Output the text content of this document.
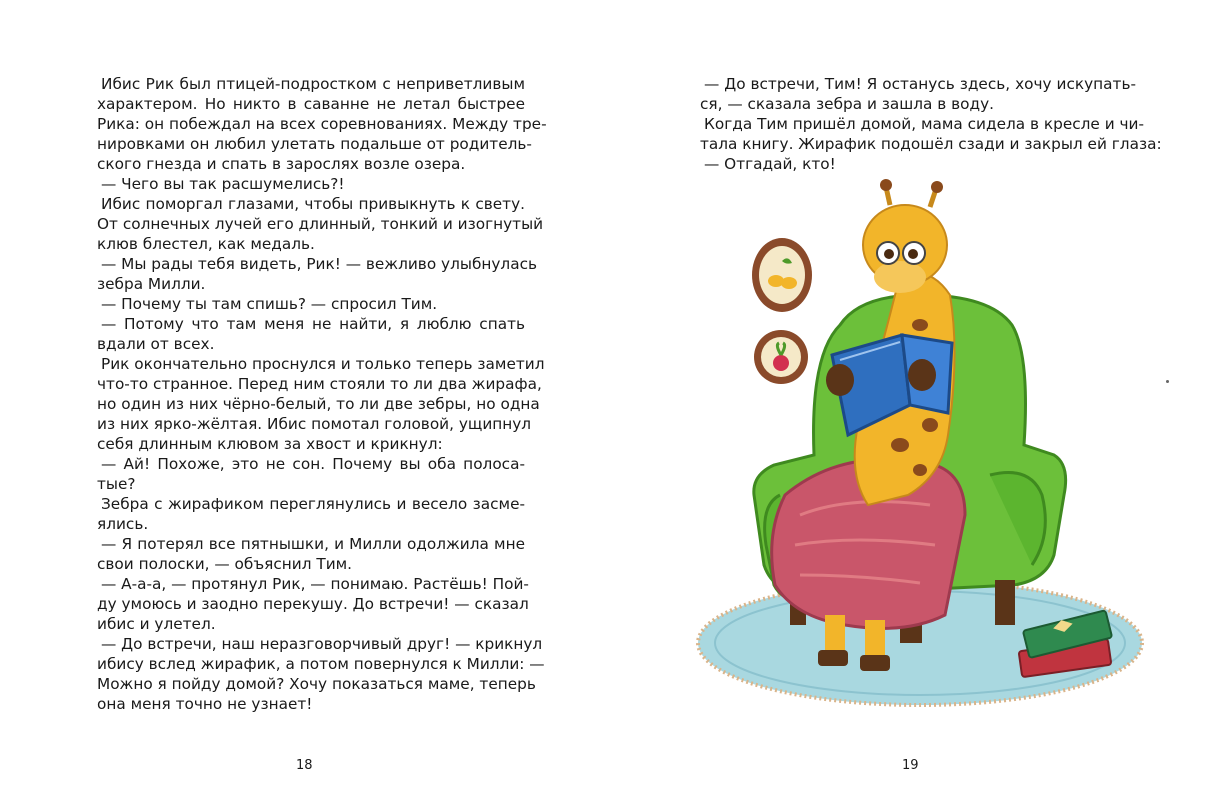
Ибис Рик был птицей-подростком с неприветливым
характером. Но никто в саванне не летал быстрее
Рика: он побеждал на всех соревнованиях. Между тре-
нировками он любил улетать подальше от родитель-
ского гнезда и спать в зарослях возле озера.
— Чего вы так расшумелись?!
Ибис поморгал глазами, чтобы привыкнуть к свету.
От солнечных лучей его длинный, тонкий и изогнутый
клюв блестел, как медаль.
— Мы рады тебя видеть, Рик! — вежливо улыбнулась
зебра Милли.
— Почему ты там спишь? — спросил Тим.
— Потому что там меня не найти, я люблю спать
вдали от всех.
Рик окончательно проснулся и только теперь заметил
что-то странное. Перед ним стояли то ли два жирафа,
но один из них чёрно-белый, то ли две зебры, но одна
из них ярко-жёлтая. Ибис помотал головой, ущипнул
себя длинным клювом за хвост и крикнул:
— Ай! Похоже, это не сон. Почему вы оба полоса-
тые?
Зебра с жирафиком переглянулись и весело засме-
ялись.
— Я потерял все пятнышки, и Милли одолжила мне
свои полоски, — объяснил Тим.
— А-а-а, — протянул Рик, — понимаю. Растёшь! Пой-
ду умоюсь и заодно перекушу. До встречи! — сказал
ибис и улетел.
— До встречи, наш неразговорчивый друг! — крикнул
ибису вслед жирафик, а потом повернулся к Милли: —
Можно я пойду домой? Хочу показаться маме, теперь
она меня точно не узнает!
18	19
— До встречи, Тим! Я останусь здесь, хочу искупать-
ся, — сказала зебра и зашла в воду.
Когда Тим пришёл домой, мама сидела в кресле и чи-
тала книгу. Жирафик подошёл сзади и закрыл ей глаза:
— Отгадай, кто!
